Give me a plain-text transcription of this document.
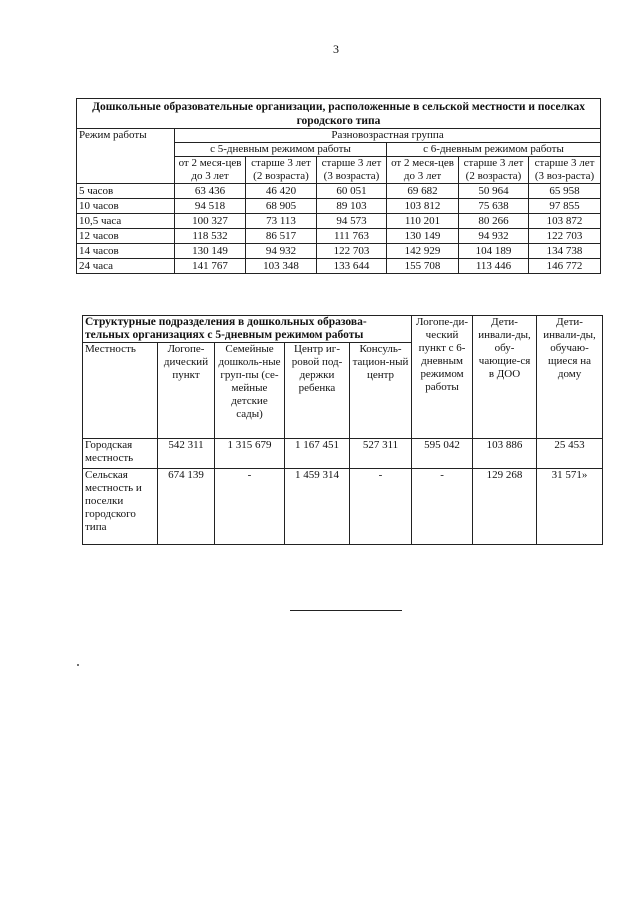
3
Дошкольные образовательные организации, расположенные в сельской местности и поселках городского типа						
Режим работы	Разновозрастная группа					
	с 5-дневным режимом работы			с 6-дневным режимом работы		
	от 2 меся-цев до 3 лет	старше 3 лет (2 возраста)	старше 3 лет (3 возраста)	от 2 меся-цев до 3 лет	старше 3 лет (2 возраста)	старше 3 лет (3 воз-раста)
5 часов	63 436	46 420	60 051	69 682	50 964	65 958
10 часов	94 518	68 905	89 103	103 812	75 638	97 855
10,5 часа	100 327	73 113	94 573	110 201	80 266	103 872
12 часов	118 532	86 517	111 763	130 149	94 932	122 703
14 часов	130 149	94 932	122 703	142 929	104 189	134 738
24 часа	141 767	103 348	133 644	155 708	113 446	146 772
Структурные подразделения в дошкольных образова-тельных организациях с 5-дневным режимом работы					Логопе-ди-ческий пункт с 6-дневным режимом работы	Дети-инвали-ды, обу-чающие-ся в ДОО	Дети-инвали-ды, обучаю-щиеся на дому
Местность	Логопе-дический пункт	Семейные дошколь-ные груп-пы (се-мейные детские сады)	Центр иг-ровой под-держки ребенка	Консуль-тацион-ный центр			
Городская местность	542 311	1 315 679	1 167 451	527 311	595 042	103 886	25 453
Сельская местность и поселки городского типа	674 139	-	1 459 314	-	-	129 268	31 571»
